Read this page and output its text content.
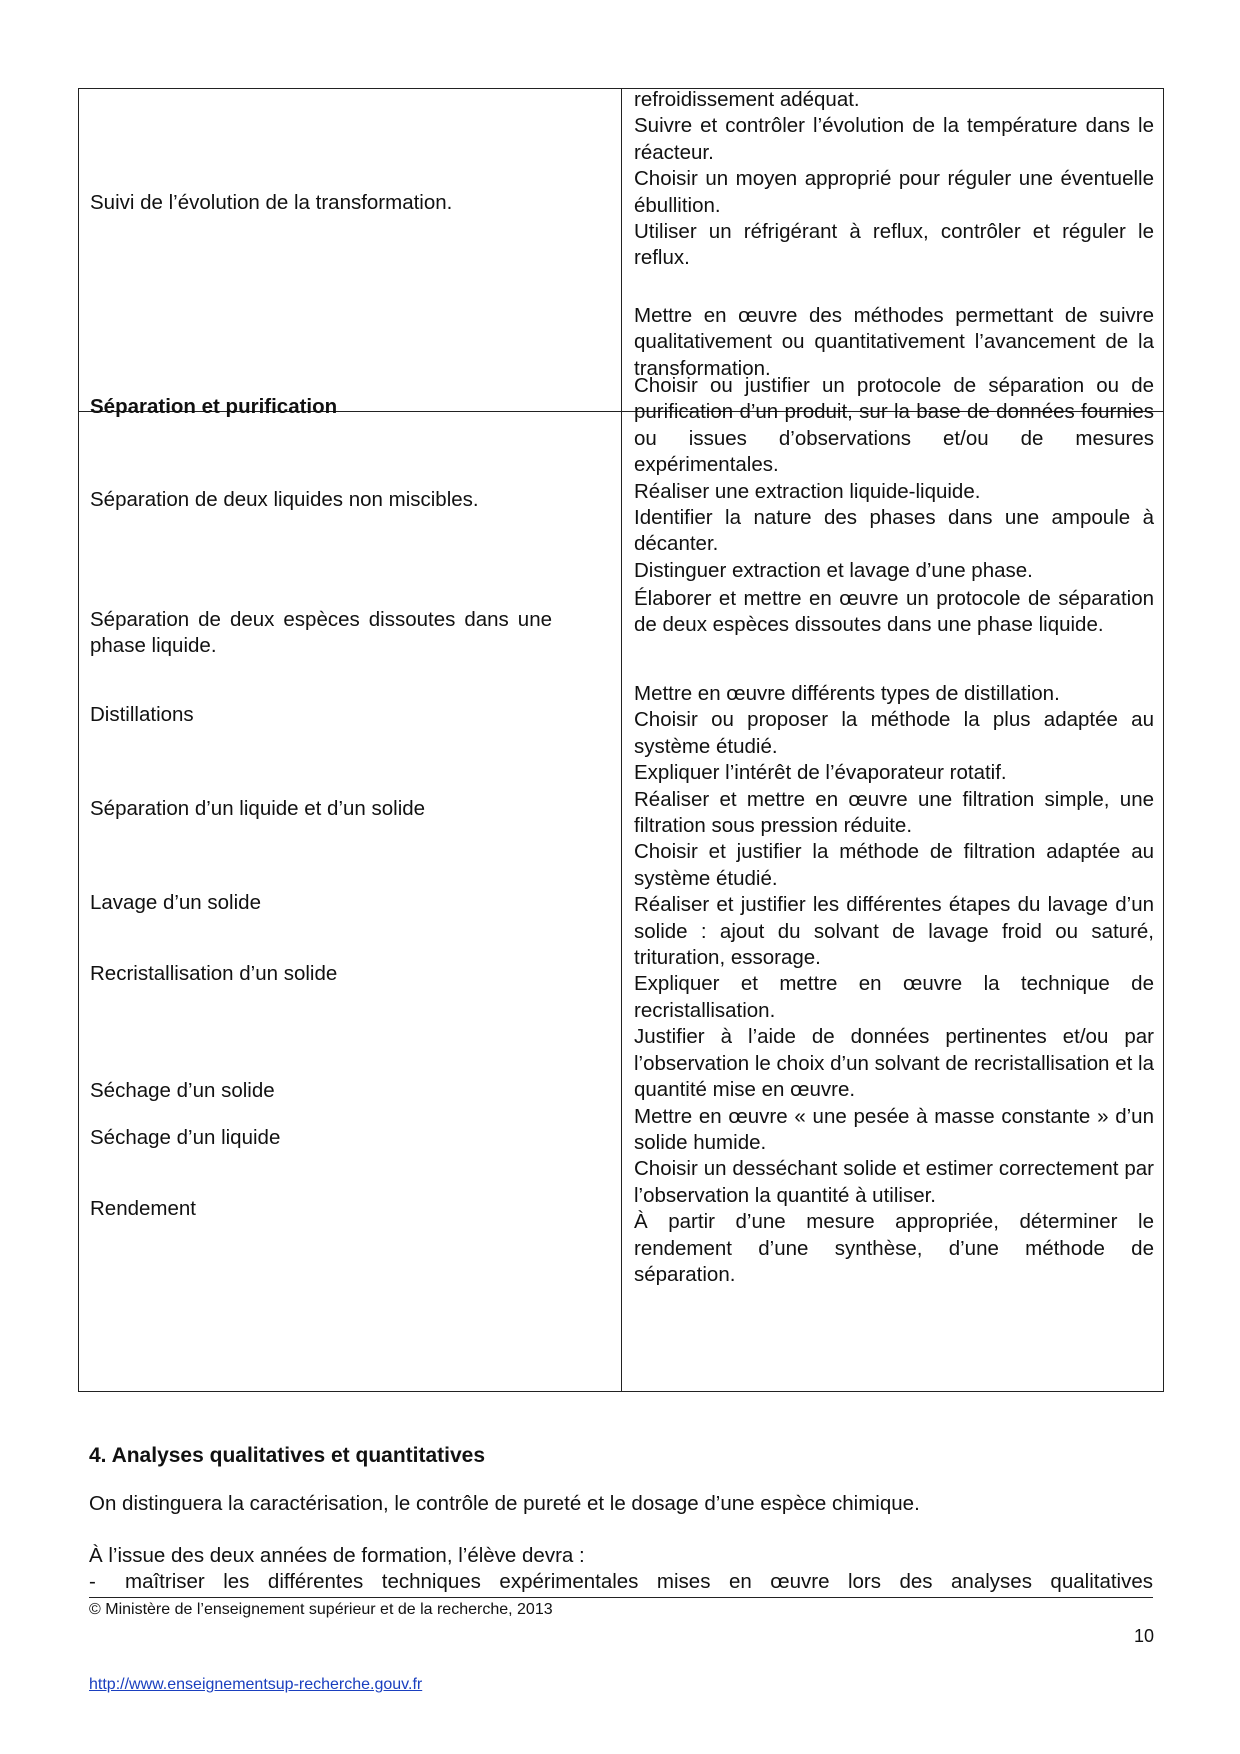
Suivi de l’évolution de la transformation.

refroidissement adéquat.

Suivre et contrôler l’évolution de la température dans le réacteur.

Choisir un moyen approprié pour réguler une éventuelle ébullition.

Utiliser un réfrigérant à reflux, contrôler et réguler le reflux.

Mettre en œuvre des méthodes permettant de suivre qualitativement ou quantitativement l’avancement de la transformation.

Séparation et purification

Séparation de deux liquides non miscibles.

Séparation de deux espèces dissoutes dans une phase liquide.

Distillations

Séparation d’un liquide et d’un solide

Lavage d’un solide

Recristallisation d’un solide

Séchage d’un solide

Séchage d’un liquide

Rendement

Choisir ou justifier un protocole de séparation ou de purification d’un produit, sur la base de données fournies ou issues d’observations et/ou de mesures expérimentales.

Réaliser une extraction liquide-liquide.

Identifier la nature des phases dans une ampoule à décanter.

Distinguer extraction et lavage d’une phase.

Élaborer et mettre en œuvre un protocole de séparation de deux espèces dissoutes dans une phase liquide.

Mettre en œuvre différents types de distillation.

Choisir ou proposer la méthode la plus adaptée au système étudié.

Expliquer l’intérêt de l’évaporateur rotatif.

Réaliser et mettre en œuvre une filtration simple, une filtration sous pression réduite.

Choisir et justifier la méthode de filtration adaptée au système étudié.

Réaliser et justifier les différentes étapes du lavage d’un solide : ajout du solvant de lavage froid ou saturé, trituration, essorage.

Expliquer et mettre en œuvre la technique de recristallisation.

Justifier à l’aide de données pertinentes et/ou par l’observation le choix d’un solvant de recristallisation et la quantité mise en œuvre.

Mettre en œuvre « une pesée à masse constante » d’un solide humide.

Choisir un desséchant solide et estimer correctement par l’observation la quantité à utiliser.

À partir d’une mesure appropriée, déterminer le rendement d’une synthèse, d’une méthode de séparation.

4. Analyses qualitatives et quantitatives

On distinguera la caractérisation, le contrôle de pureté et le dosage d’une espèce chimique.

À l’issue des deux années de formation, l’élève devra :

- maîtriser les différentes techniques expérimentales mises en œuvre lors des analyses qualitatives
© Ministère de l’enseignement supérieur et de la recherche, 2013
10
http://www.enseignementsup-recherche.gouv.fr
